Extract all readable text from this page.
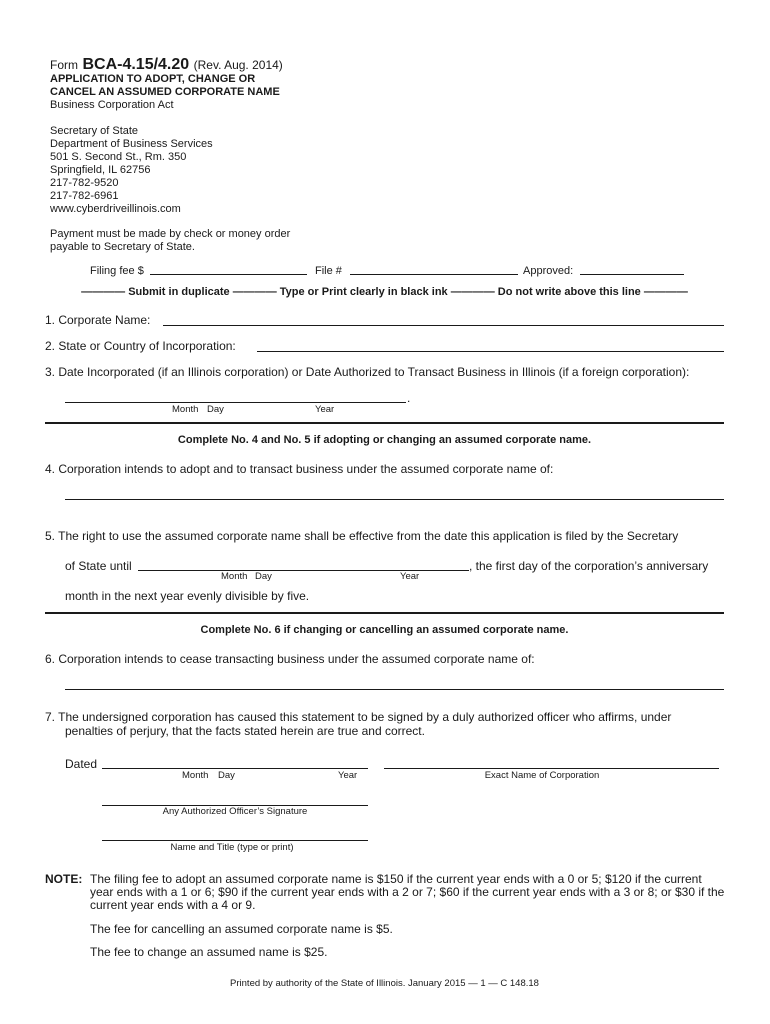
Form BCA-4.15/4.20 (Rev. Aug. 2014)
APPLICATION TO ADOPT, CHANGE OR
CANCEL AN ASSUMED CORPORATE NAME
Business Corporation Act
Secretary of State
Department of Business Services
501 S. Second St., Rm. 350
Springfield, IL 62756
217-782-9520
217-782-6961
www.cyberdriveillinois.com
Payment must be made by check or money order
payable to Secretary of State.
Filing fee $	File #	Approved:
———— Submit in duplicate ———— Type or Print clearly in black ink ———— Do not write above this line ————
1. Corporate Name:
2. State or Country of Incorporation:
3. Date Incorporated (if an Illinois corporation) or Date Authorized to Transact Business in Illinois (if a foreign corporation):
.
Month Day	Year
Complete No. 4 and No. 5 if adopting or changing an assumed corporate name.
4. Corporation intends to adopt and to transact business under the assumed corporate name of:
5. The right to use the assumed corporate name shall be effective from the date this application is filed by the Secretary
of State until	, the first day of the corporation’s anniversary
Month Day	Year
month in the next year evenly divisible by five.
Complete No. 6 if changing or cancelling an assumed corporate name.
6. Corporation intends to cease transacting business under the assumed corporate name of:
7. The undersigned corporation has caused this statement to be signed by a duly authorized officer who affirms, under
penalties of perjury, that the facts stated herein are true and correct.
Dated
Month Day	Year	Exact Name of Corporation
Any Authorized Officer’s Signature
Name and Title (type or print)
NOTE: The filing fee to adopt an assumed corporate name is $150 if the current year ends with a 0 or 5; $120 if the current year ends with a 1 or 6; $90 if the current year ends with a 2 or 7; $60 if the current year ends with a 3 or 8; or $30 if the current year ends with a 4 or 9.
The fee for cancelling an assumed corporate name is $5.
The fee to change an assumed name is $25.
Printed by authority of the State of Illinois. January 2015 — 1 — C 148.18
